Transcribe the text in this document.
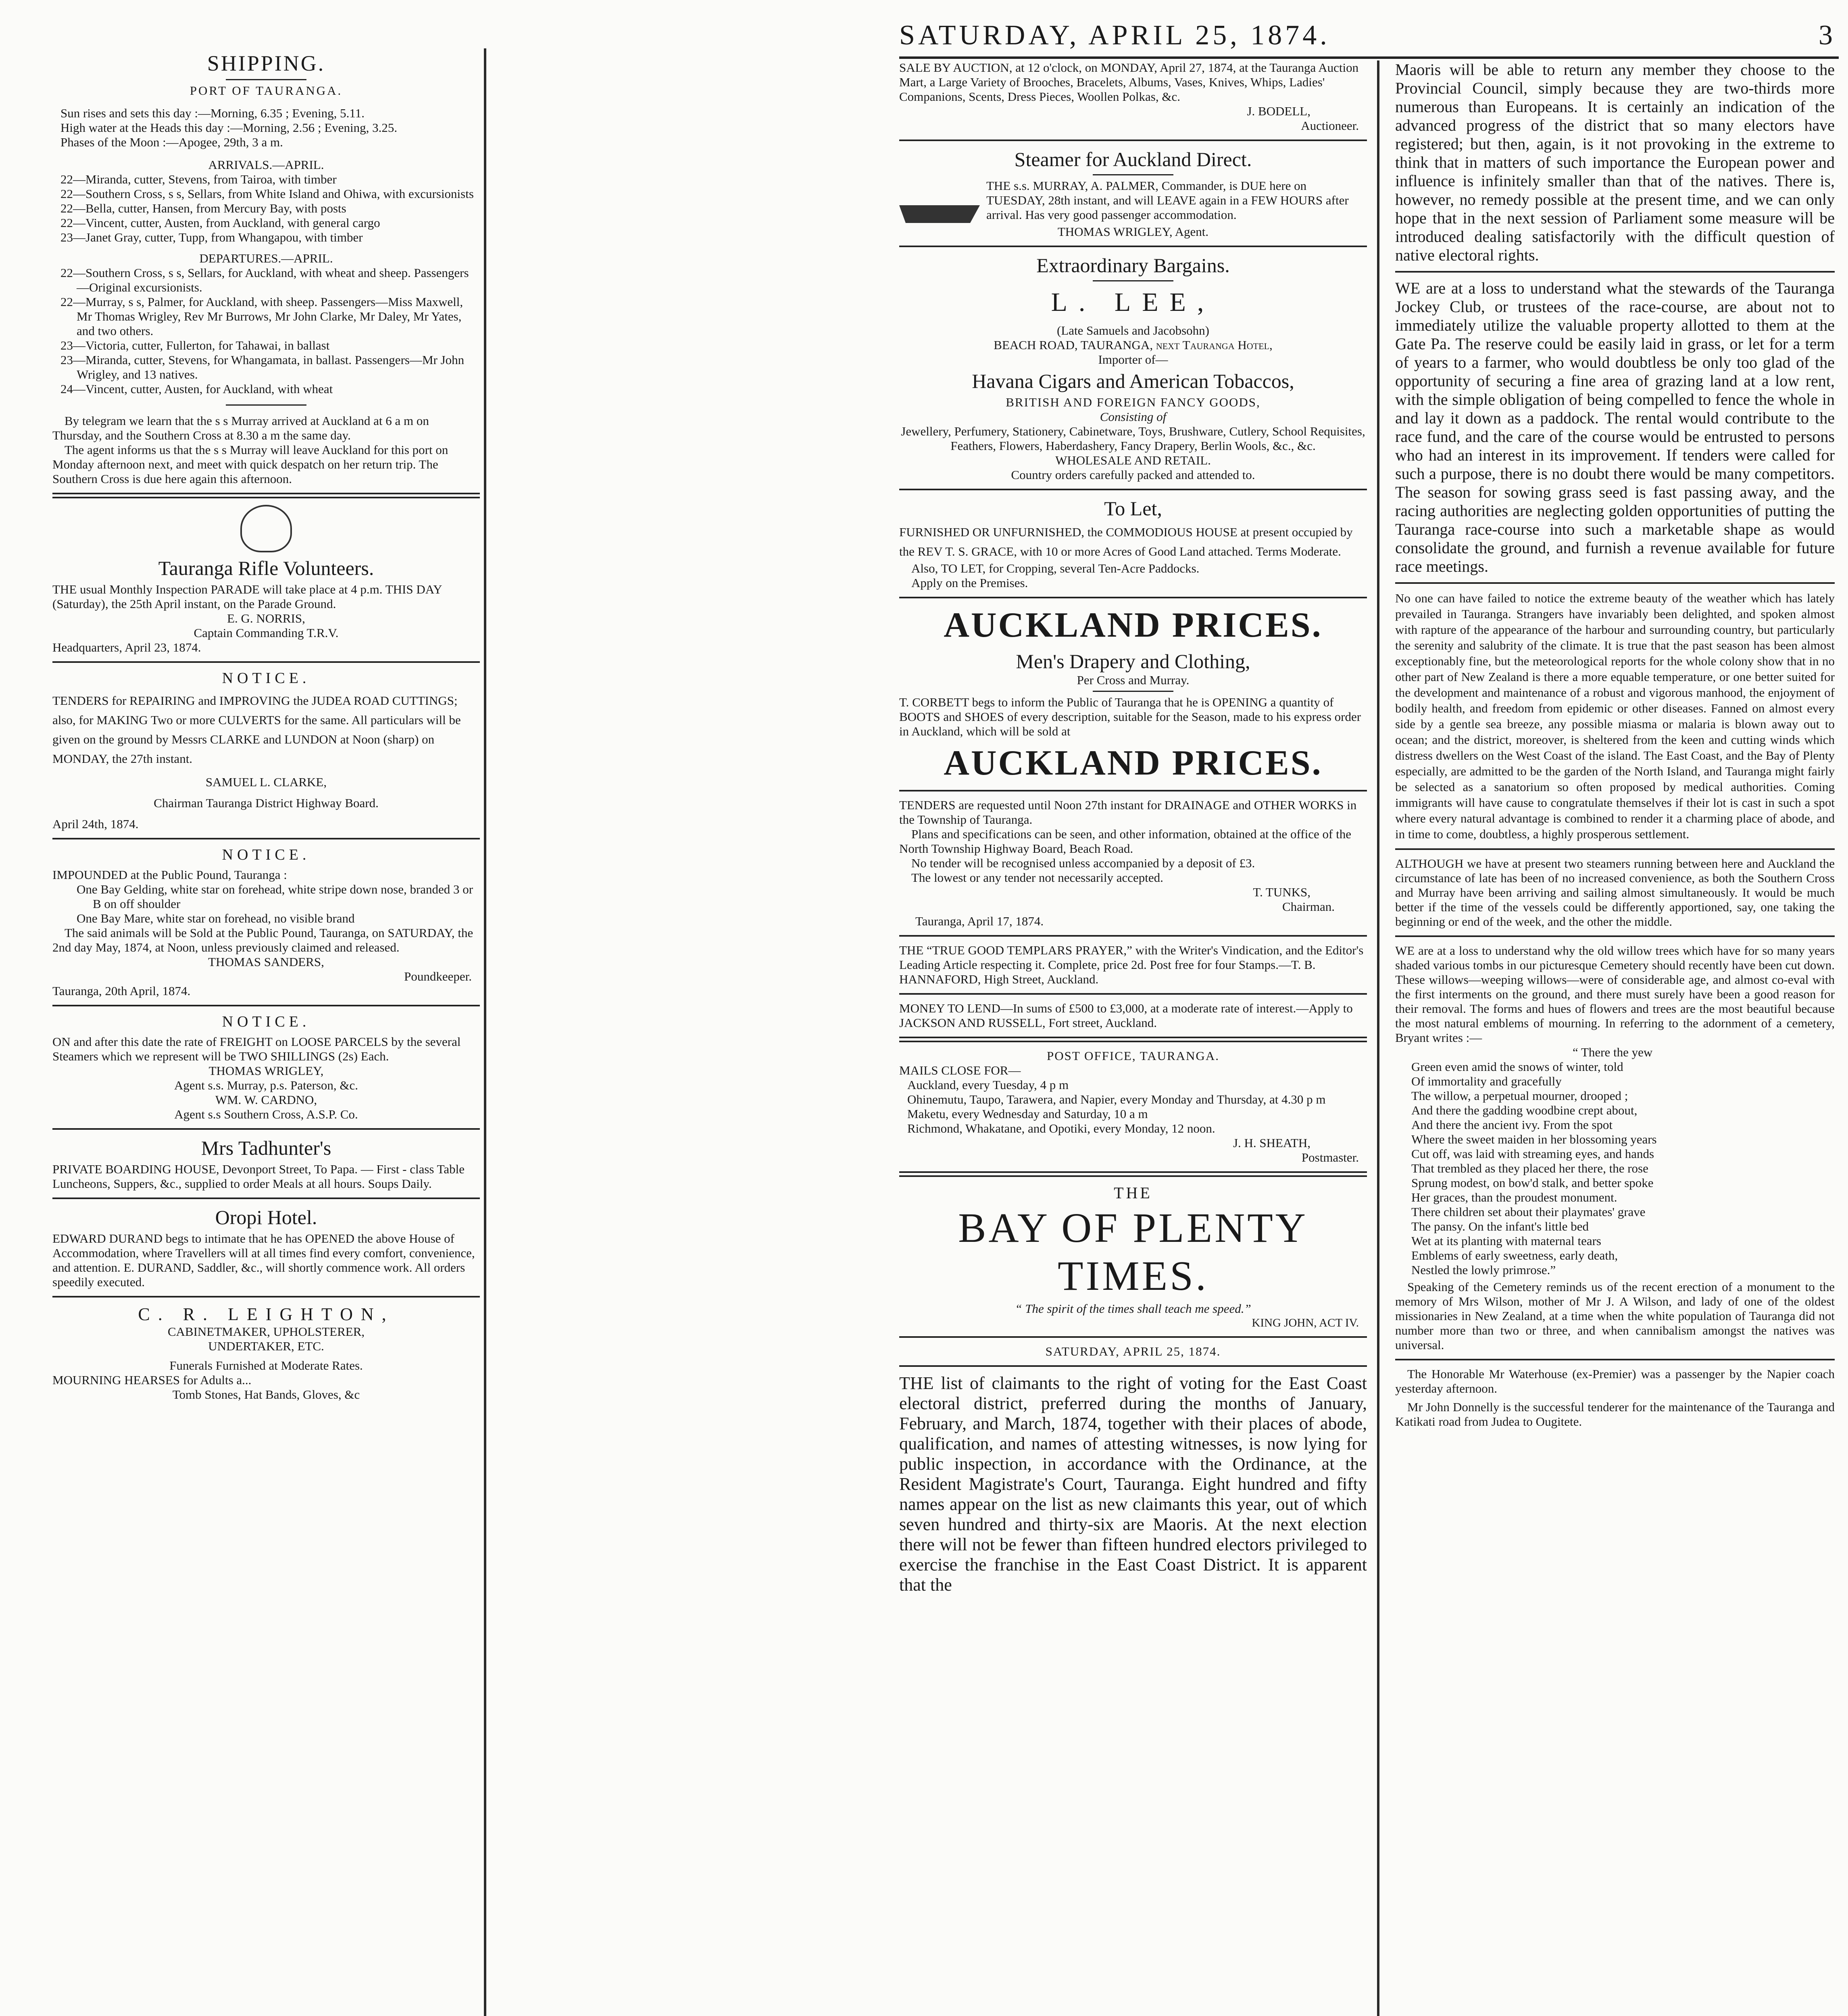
SATURDAY, APRIL 25, 1874.	3
SHIPPING.

PORT OF TAURANGA.

Sun rises and sets this day :—Morning, 6.35 ; Evening, 5.11.

High water at the Heads this day :—Morning, 2.56 ; Evening, 3.25.

Phases of the Moon :—Apogee, 29th, 3 a m.

ARRIVALS.—APRIL.

22—Miranda, cutter, Stevens, from Tairoa, with timber

22—Southern Cross, s s, Sellars, from White Island and Ohiwa, with excursionists

22—Bella, cutter, Hansen, from Mercury Bay, with posts

22—Vincent, cutter, Austen, from Auckland, with general cargo

23—Janet Gray, cutter, Tupp, from Whangapou, with timber

DEPARTURES.—APRIL.

22—Southern Cross, s s, Sellars, for Auckland, with wheat and sheep. Passengers—Original excursionists.

22—Murray, s s, Palmer, for Auckland, with sheep. Passengers—Miss Maxwell, Mr Thomas Wrigley, Rev Mr Burrows, Mr John Clarke, Mr Daley, Mr Yates, and two others.

23—Victoria, cutter, Fullerton, for Tahawai, in ballast

23—Miranda, cutter, Stevens, for Whangamata, in ballast. Passengers—Mr John Wrigley, and 13 natives.

24—Vincent, cutter, Austen, for Auckland, with wheat

By telegram we learn that the s s Murray arrived at Auckland at 6 a m on Thursday, and the Southern Cross at 8.30 a m the same day.

The agent informs us that the s s Murray will leave Auckland for this port on Monday afternoon next, and meet with quick despatch on her return trip. The Southern Cross is due here again this afternoon.

Tauranga Rifle Volunteers.

THE usual Monthly Inspection PARADE will take place at 4 p.m. THIS DAY (Saturday), the 25th April instant, on the Parade Ground.

E. G. NORRIS,

Captain Commanding T.R.V.

Headquarters, April 23, 1874.

NOTICE.

TENDERS for REPAIRING and IMPROVING the JUDEA ROAD CUTTINGS; also, for MAKING Two or more CULVERTS for the same. All particulars will be given on the ground by Messrs CLARKE and LUNDON at Noon (sharp) on MONDAY, the 27th instant.

SAMUEL L. CLARKE,

Chairman Tauranga District Highway Board.

April 24th, 1874.

NOTICE.

IMPOUNDED at the Public Pound, Tauranga :

One Bay Gelding, white star on forehead, white stripe down nose, branded 3 or B on off shoulder

One Bay Mare, white star on forehead, no visible brand

The said animals will be Sold at the Public Pound, Tauranga, on SATURDAY, the 2nd day May, 1874, at Noon, unless previously claimed and released.

THOMAS SANDERS,

Poundkeeper.

Tauranga, 20th April, 1874.

NOTICE.

ON and after this date the rate of FREIGHT on LOOSE PARCELS by the several Steamers which we represent will be TWO SHILLINGS (2s) Each.

THOMAS WRIGLEY,

Agent s.s. Murray, p.s. Paterson, &c.

WM. W. CARDNO,

Agent s.s Southern Cross, A.S.P. Co.

Mrs Tadhunter's

PRIVATE BOARDING HOUSE, Devonport Street, To Papa. — First - class Table Luncheons, Suppers, &c., supplied to order Meals at all hours. Soups Daily.

Oropi Hotel.

EDWARD DURAND begs to intimate that he has OPENED the above House of Accommodation, where Travellers will at all times find every comfort, convenience, and attention. E. DURAND, Saddler, &c., will shortly commence work. All orders speedily executed.

C. R. LEIGHTON,

CABINETMAKER, UPHOLSTERER,

UNDERTAKER, ETC.

Funerals Furnished at Moderate Rates.

MOURNING HEARSES for Adults a...

Tomb Stones, Hat Bands, Gloves, &c

SALE BY AUCTION, at 12 o'clock, on MONDAY, April 27, 1874, at the Tauranga Auction Mart, a Large Variety of Brooches, Bracelets, Albums, Vases, Knives, Whips, Ladies' Companions, Scents, Dress Pieces, Woollen Polkas, &c.

J. BODELL,

Auctioneer.

Steamer for Auckland Direct.

THE s.s. MURRAY, A. PALMER, Commander, is DUE here on TUESDAY, 28th instant, and will LEAVE again in a FEW HOURS after arrival. Has very good passenger accommodation.

THOMAS WRIGLEY, Agent.

Extraordinary Bargains.
L. LEE,

(Late Samuels and Jacobsohn)

BEACH ROAD, TAURANGA, next Tauranga Hotel,

Importer of—

Havana Cigars and American Tobaccos,

BRITISH AND FOREIGN FANCY GOODS,

Consisting of

Jewellery, Perfumery, Stationery, Cabinetware, Toys, Brushware, Cutlery, School Requisites, Feathers, Flowers, Haberdashery, Fancy Drapery, Berlin Wools, &c., &c.

WHOLESALE AND RETAIL.

Country orders carefully packed and attended to.

To Let,

FURNISHED OR UNFURNISHED, the COMMODIOUS HOUSE at present occupied by the REV T. S. GRACE, with 10 or more Acres of Good Land attached. Terms Moderate.

Also, TO LET, for Cropping, several Ten-Acre Paddocks.

Apply on the Premises.

AUCKLAND PRICES.

Men's Drapery and Clothing,

Per Cross and Murray.

T. CORBETT begs to inform the Public of Tauranga that he is OPENING a quantity of BOOTS and SHOES of every description, suitable for the Season, made to his express order in Auckland, which will be sold at

AUCKLAND PRICES.

TENDERS are requested until Noon 27th instant for DRAINAGE and OTHER WORKS in the Township of Tauranga.

Plans and specifications can be seen, and other information, obtained at the office of the North Township Highway Board, Beach Road.

No tender will be recognised unless accompanied by a deposit of £3.

The lowest or any tender not necessarily accepted.

T. TUNKS,

Chairman.

Tauranga, April 17, 1874.

THE “TRUE GOOD TEMPLARS PRAYER,” with the Writer's Vindication, and the Editor's Leading Article respecting it. Complete, price 2d. Post free for four Stamps.—T. B. HANNAFORD, High Street, Auckland.

MONEY TO LEND—In sums of £500 to £3,000, at a moderate rate of interest.—Apply to JACKSON AND RUSSELL, Fort street, Auckland.

POST OFFICE, TAURANGA.

MAILS CLOSE FOR—

Auckland, every Tuesday, 4 p m

Ohinemutu, Taupo, Tarawera, and Napier, every Monday and Thursday, at 4.30 p m

Maketu, every Wednesday and Saturday, 10 a m

Richmond, Whakatane, and Opotiki, every Monday, 12 noon.

J. H. SHEATH,

Postmaster.

THE

BAY OF PLENTY TIMES.

“ The spirit of the times shall teach me speed.”

KING JOHN, ACT IV.

SATURDAY, APRIL 25, 1874.

THE list of claimants to the right of voting for the East Coast electoral district, preferred during the months of January, February, and March, 1874, together with their places of abode, qualification, and names of attesting witnesses, is now lying for public inspection, in accordance with the Ordinance, at the Resident Magistrate's Court, Tauranga. Eight hundred and fifty names appear on the list as new claimants this year, out of which seven hundred and thirty-six are Maoris. At the next election there will not be fewer than fifteen hundred electors privileged to exercise the franchise in the East Coast District. It is apparent that the

Maoris will be able to return any member they choose to the Provincial Council, simply because they are two-thirds more numerous than Europeans. It is certainly an indication of the advanced progress of the district that so many electors have registered; but then, again, is it not provoking in the extreme to think that in matters of such importance the European power and influence is infinitely smaller than that of the natives. There is, however, no remedy possible at the present time, and we can only hope that in the next session of Parliament some measure will be introduced dealing satisfactorily with the difficult question of native electoral rights.

WE are at a loss to understand what the stewards of the Tauranga Jockey Club, or trustees of the race-course, are about not to immediately utilize the valuable property allotted to them at the Gate Pa. The reserve could be easily laid in grass, or let for a term of years to a farmer, who would doubtless be only too glad of the opportunity of securing a fine area of grazing land at a low rent, with the simple obligation of being compelled to fence the whole in and lay it down as a paddock. The rental would contribute to the race fund, and the care of the course would be entrusted to persons who had an interest in its improvement. If tenders were called for such a purpose, there is no doubt there would be many competitors. The season for sowing grass seed is fast passing away, and the racing authorities are neglecting golden opportunities of putting the Tauranga race-course into such a marketable shape as would consolidate the ground, and furnish a revenue available for future race meetings.

No one can have failed to notice the extreme beauty of the weather which has lately prevailed in Tauranga. Strangers have invariably been delighted, and spoken almost with rapture of the appearance of the harbour and surrounding country, but particularly the serenity and salubrity of the climate. It is true that the past season has been almost exceptionably fine, but the meteorological reports for the whole colony show that in no other part of New Zealand is there a more equable temperature, or one better suited for the development and maintenance of a robust and vigorous manhood, the enjoyment of bodily health, and freedom from epidemic or other diseases. Fanned on almost every side by a gentle sea breeze, any possible miasma or malaria is blown away out to ocean; and the district, moreover, is sheltered from the keen and cutting winds which distress dwellers on the West Coast of the island. The East Coast, and the Bay of Plenty especially, are admitted to be the garden of the North Island, and Tauranga might fairly be selected as a sanatorium so often proposed by medical authorities. Coming immigrants will have cause to congratulate themselves if their lot is cast in such a spot where every natural advantage is combined to render it a charming place of abode, and in time to come, doubtless, a highly prosperous settlement.

ALTHOUGH we have at present two steamers running between here and Auckland the circumstance of late has been of no increased convenience, as both the Southern Cross and Murray have been arriving and sailing almost simultaneously. It would be much better if the time of the vessels could be differently apportioned, say, one taking the beginning or end of the week, and the other the middle.

WE are at a loss to understand why the old willow trees which have for so many years shaded various tombs in our picturesque Cemetery should recently have been cut down. These willows—weeping willows—were of considerable age, and almost co-eval with the first interments on the ground, and there must surely have been a good reason for their removal. The forms and hues of flowers and trees are the most beautiful because the most natural emblems of mourning. In referring to the adornment of a cemetery, Bryant writes :—

“ There the yew

Green even amid the snows of winter, told

Of immortality and gracefully

The willow, a perpetual mourner, drooped ;

And there the gadding woodbine crept about,

And there the ancient ivy. From the spot

Where the sweet maiden in her blossoming years

Cut off, was laid with streaming eyes, and hands

That trembled as they placed her there, the rose

Sprung modest, on bow'd stalk, and better spoke

Her graces, than the proudest monument.

There children set about their playmates' grave

The pansy. On the infant's little bed

Wet at its planting with maternal tears

Emblems of early sweetness, early death,

Nestled the lowly primrose.”

Speaking of the Cemetery reminds us of the recent erection of a monument to the memory of Mrs Wilson, mother of Mr J. A Wilson, and lady of one of the oldest missionaries in New Zealand, at a time when the white population of Tauranga did not number more than two or three, and when cannibalism amongst the natives was universal.

The Honorable Mr Waterhouse (ex-Premier) was a passenger by the Napier coach yesterday afternoon.

Mr John Donnelly is the successful tenderer for the maintenance of the Tauranga and Katikati road from Judea to Ougitete.
